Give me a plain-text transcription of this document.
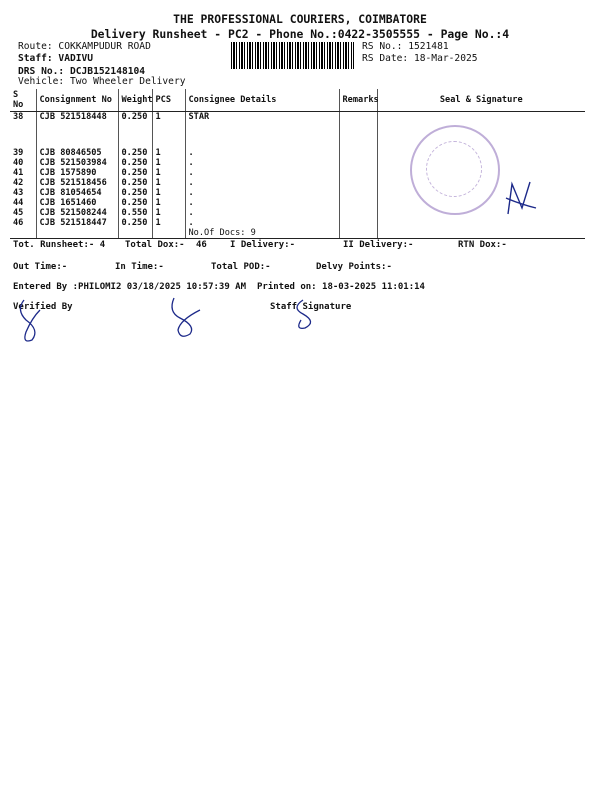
THE PROFESSIONAL COURIERS, COIMBATORE
Delivery Runsheet - PC2 - Phone No.:0422-3505555 - Page No.:4
Route: COKKAMPUDUR ROAD
Staff: VADIVU
DRS No.: DCJB152148104
Vehicle: Two Wheeler Delivery
RS No.: 1521481
RS Date: 18-Mar-2025
S No	Consignment No	Weight	PCS	Consignee Details	Remarks	Seal & Signature
38	CJB 521518448	0.250	1	STAR		

39	CJB 80846505	0.250	1	.		
40	CJB 521503984	0.250	1	.		
41	CJB 1575890	0.250	1	.		
42	CJB 521518456	0.250	1	.		
43	CJB 81054654	0.250	1	.		
44	CJB 1651460	0.250	1	.		
45	CJB 521508244	0.550	1	.		
46	CJB 521518447	0.250	1	.		
				No.Of Docs: 9		
Tot. Runsheet:- 4 Total Dox:- 46	I Delivery:-	II Delivery:-	RTN Dox:-
Out Time:-	In Time:-	Total POD:-	Delvy Points:-
Entered By :PHILOMI2 03/18/2025 10:57:39 AM Printed on: 18-03-2025 11:01:14
Verified By	Staff Signature
